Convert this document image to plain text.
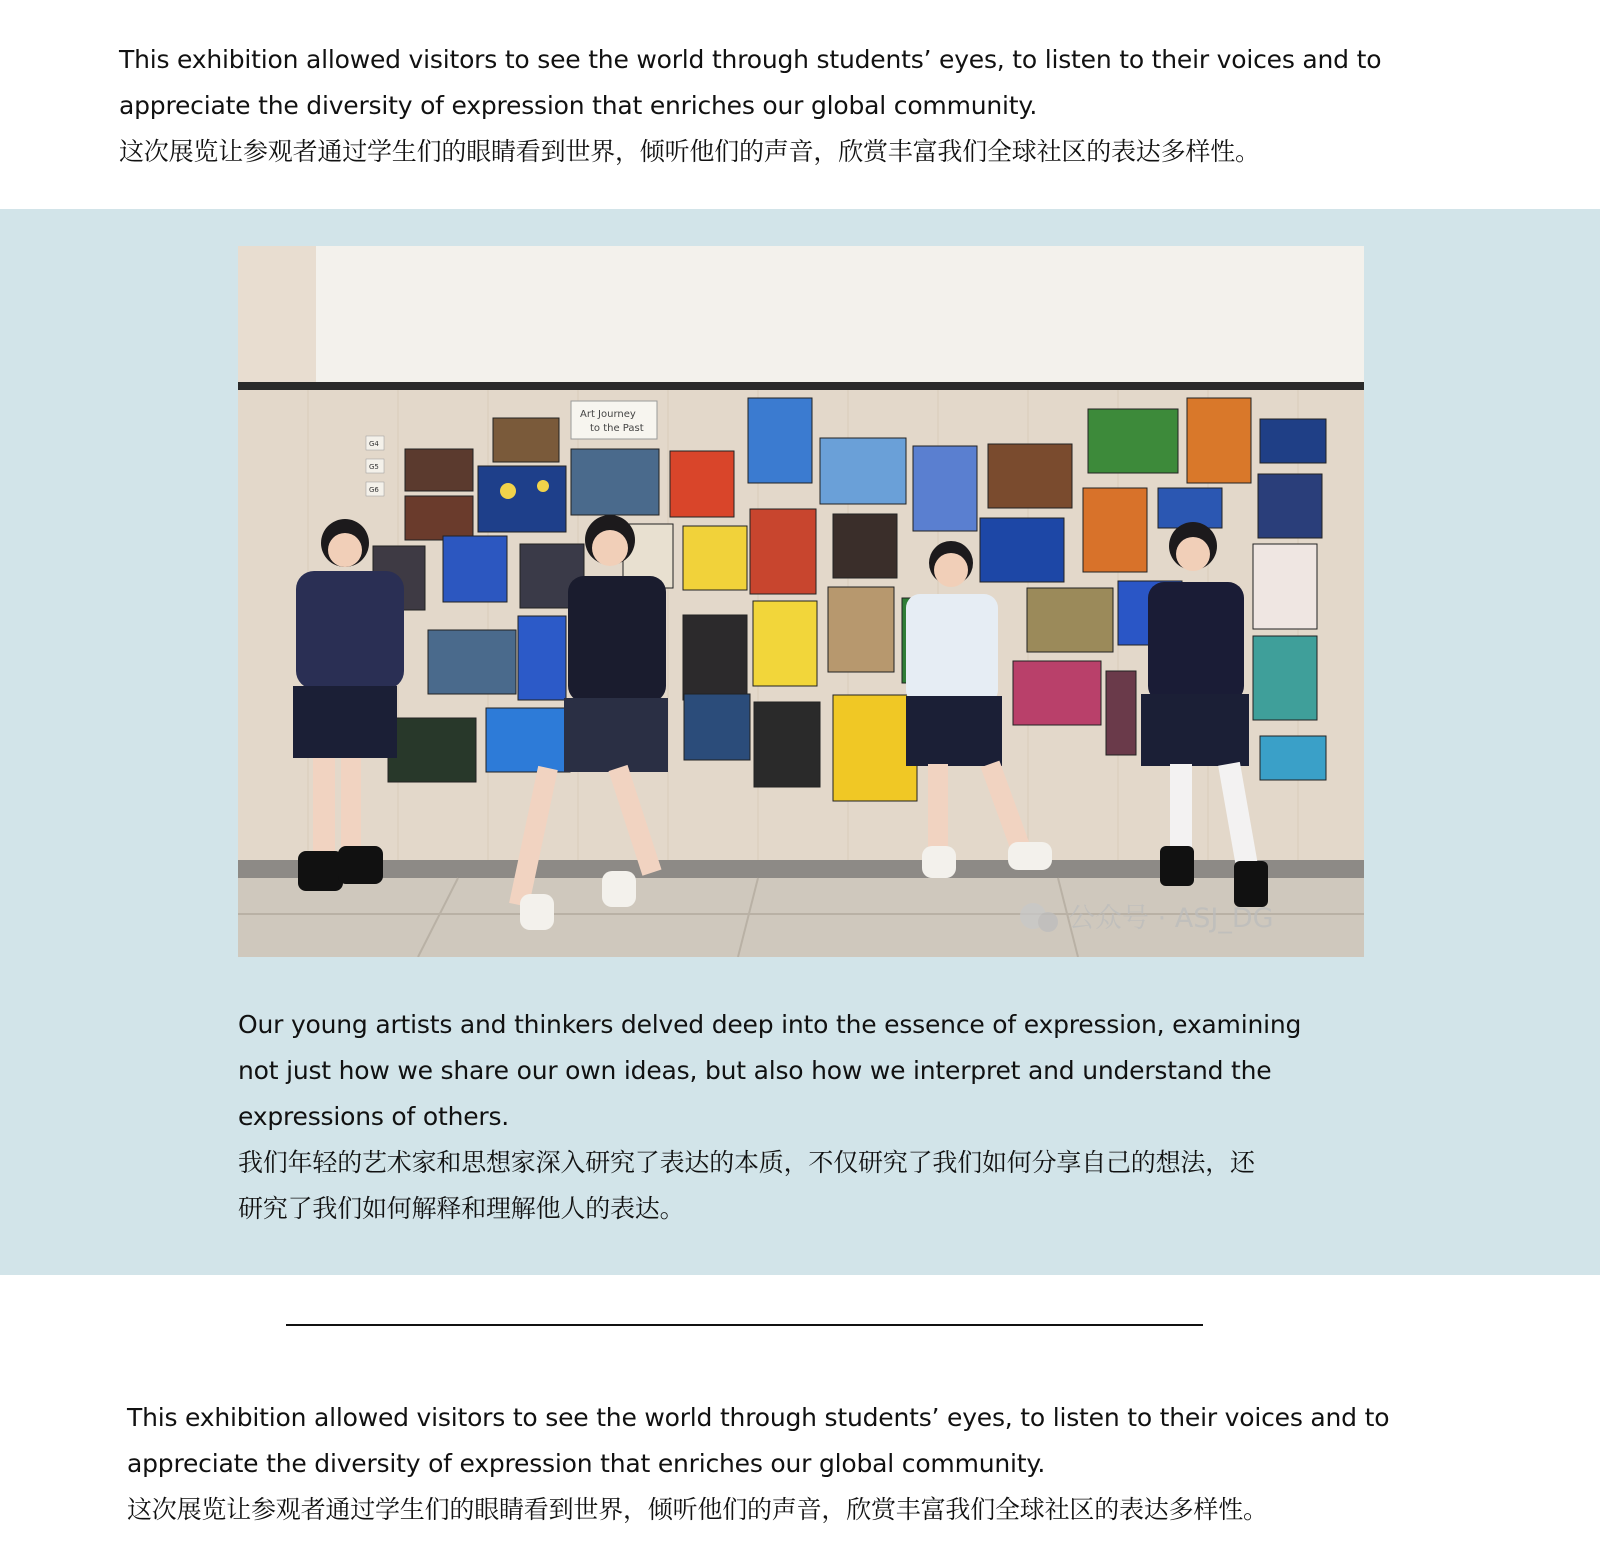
This exhibition allowed visitors to see the world through students’ eyes, to listen to their voices and to

appreciate the diversity of expression that enriches our global community.

这次展览让参观者通过学生们的眼睛看到世界，倾听他们的声音，欣赏丰富我们全球社区的表达多样性。

Art Journey
to the Past
G4
G5
G6
公众号 · ASJ_DG

Our young artists and thinkers delved deep into the essence of expression, examining

not just how we share our own ideas, but also how we interpret and understand the

expressions of others.

我们年轻的艺术家和思想家深入研究了表达的本质，不仅研究了我们如何分享自己的想法，还

研究了我们如何解释和理解他人的表达。

This exhibition allowed visitors to see the world through students’ eyes, to listen to their voices and to

appreciate the diversity of expression that enriches our global community.

这次展览让参观者通过学生们的眼睛看到世界，倾听他们的声音，欣赏丰富我们全球社区的表达多样性。
